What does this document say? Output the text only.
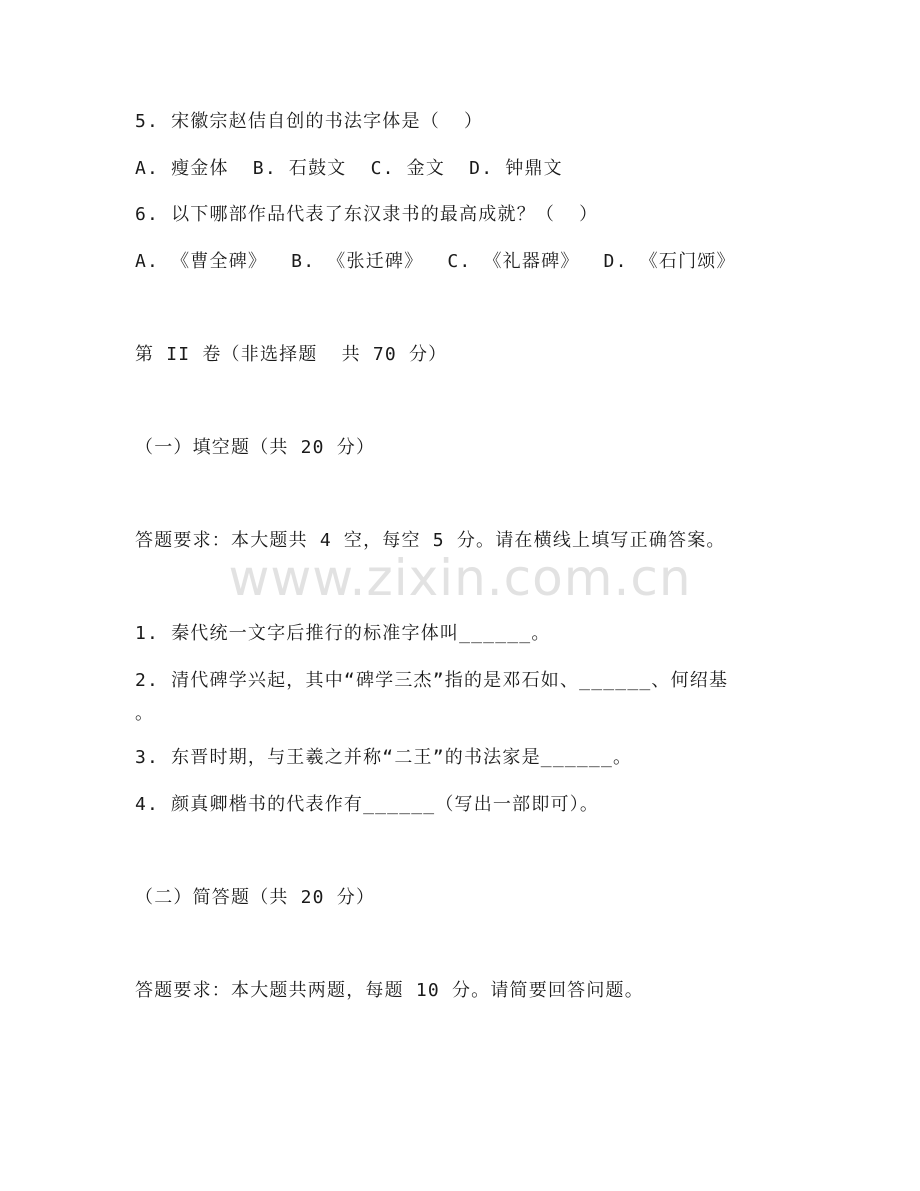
5. 宋徽宗赵佶自创的书法字体是（  ）
A. 瘦金体  B. 石鼓文  C. 金文  D. 钟鼎文
6. 以下哪部作品代表了东汉隶书的最高成就？（  ）
A. 《曹全碑》  B. 《张迁碑》  C. 《礼器碑》  D. 《石门颂》
第 II 卷（非选择题  共 70 分）
（一）填空题（共 20 分）
答题要求：本大题共 4 空，每空 5 分。请在横线上填写正确答案。
www.zixin.com.cn
1. 秦代统一文字后推行的标准字体叫______。
2. 清代碑学兴起，其中“碑学三杰”指的是邓石如、______、何绍基
。
3. 东晋时期，与王羲之并称“二王”的书法家是______。
4. 颜真卿楷书的代表作有______（写出一部即可）。
（二）简答题（共 20 分）
答题要求：本大题共两题，每题 10 分。请简要回答问题。
